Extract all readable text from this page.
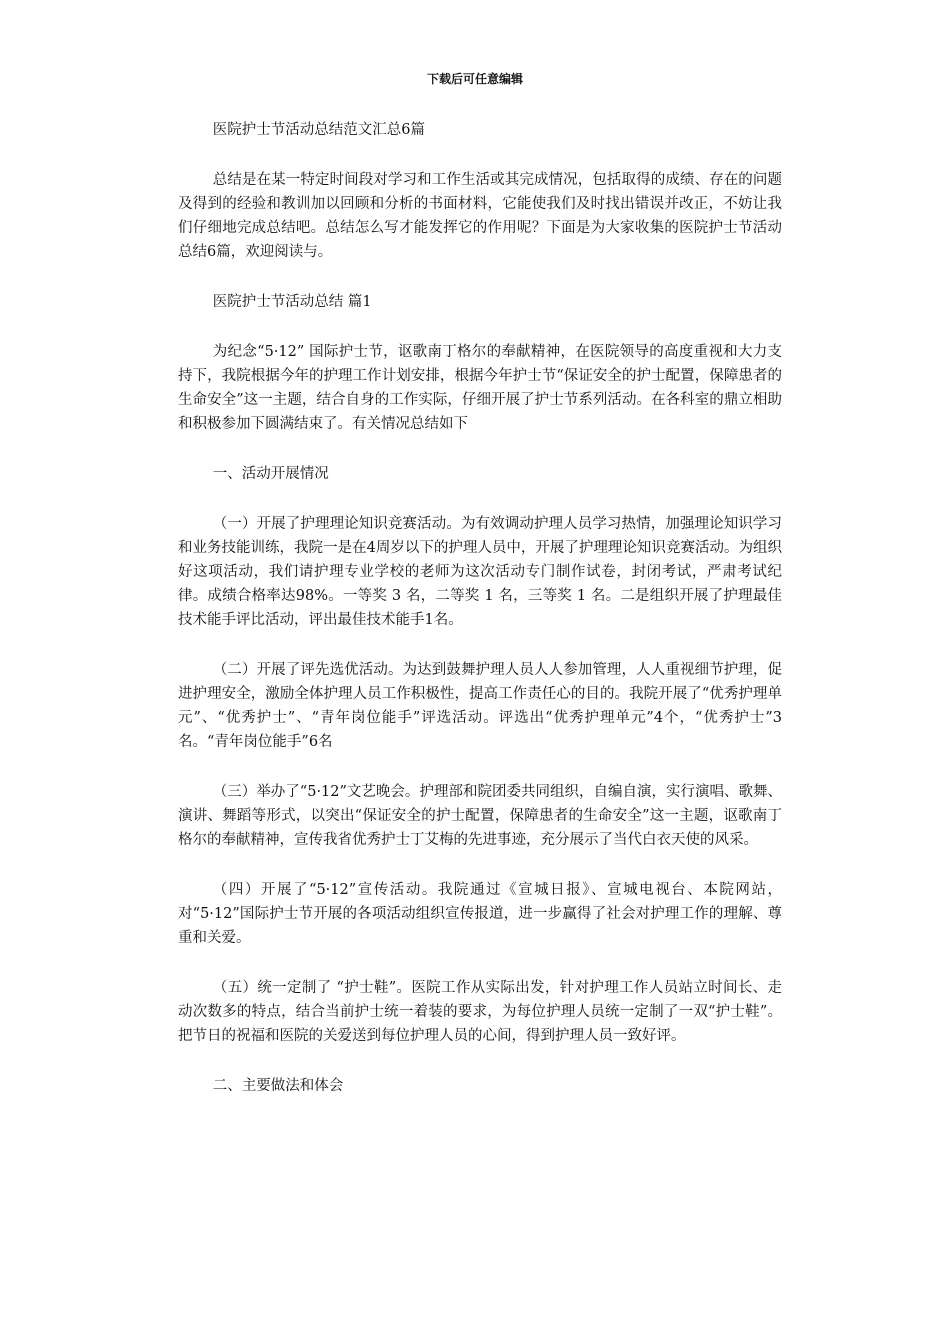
下载后可任意编辑

医院护士节活动总结范文汇总6篇

总结是在某一特定时间段对学习和工作生活或其完成情况，包括取得的成绩、存在的问题及得到的经验和教训加以回顾和分析的书面材料，它能使我们及时找出错误并改正，不妨让我们仔细地完成总结吧。总结怎么写才能发挥它的作用呢？下面是为大家收集的医院护士节活动总结6篇，欢迎阅读与。

医院护士节活动总结 篇1

为纪念“5·12” 国际护士节，讴歌南丁格尔的奉献精神，在医院领导的高度重视和大力支持下，我院根据今年的护理工作计划安排，根据今年护士节“保证安全的护士配置，保障患者的生命安全”这一主题，结合自身的工作实际，仔细开展了护士节系列活动。在各科室的鼎立相助和积极参加下圆满结束了。有关情况总结如下

一、活动开展情况

（一）开展了护理理论知识竞赛活动。为有效调动护理人员学习热情，加强理论知识学习和业务技能训练，我院一是在4周岁以下的护理人员中，开展了护理理论知识竞赛活动。为组织好这项活动，我们请护理专业学校的老师为这次活动专门制作试卷，封闭考试，严肃考试纪律。成绩合格率达98%。一等奖 3 名，二等奖 1 名，三等奖 1 名。二是组织开展了护理最佳技术能手评比活动，评出最佳技术能手1名。

（二）开展了评先选优活动。为达到鼓舞护理人员人人参加管理，人人重视细节护理，促进护理安全，激励全体护理人员工作积极性，提高工作责任心的目的。我院开展了“优秀护理单元”、“优秀护士”、“青年岗位能手”评选活动。评选出“优秀护理单元”4个，“优秀护士”3名。“青年岗位能手”6名

（三）举办了“5·12”文艺晚会。护理部和院团委共同组织，自编自演，实行演唱、歌舞、演讲、舞蹈等形式，以突出“保证安全的护士配置，保障患者的生命安全”这一主题，讴歌南丁格尔的奉献精神，宣传我省优秀护士丁艾梅的先进事迹，充分展示了当代白衣天使的风采。

（四）开展了“5·12”宣传活动。我院通过《宣城日报》、宣城电视台、本院网站，对“5·12”国际护士节开展的各项活动组织宣传报道，进一步赢得了社会对护理工作的理解、尊重和关爱。

（五）统一定制了 “护士鞋”。医院工作从实际出发，针对护理工作人员站立时间长、走动次数多的特点，结合当前护士统一着装的要求，为每位护理人员统一定制了一双“护士鞋”。把节日的祝福和医院的关爱送到每位护理人员的心间，得到护理人员一致好评。

二、主要做法和体会
